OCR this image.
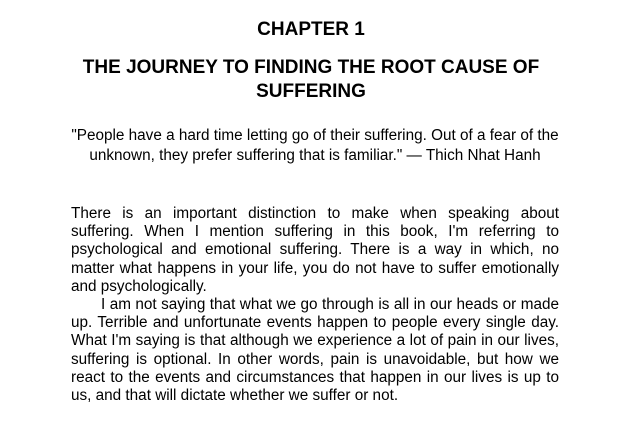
CHAPTER 1
THE JOURNEY TO FINDING THE ROOT CAUSE OF SUFFERING

"People have a hard time letting go of their suffering. Out of a fear of the unknown, they prefer suffering that is familiar." — Thich Nhat Hanh

There is an important distinction to make when speaking about suffering. When I mention suffering in this book, I'm referring to psychological and emotional suffering. There is a way in which, no matter what happens in your life, you do not have to suffer emotionally and psychologically.

I am not saying that what we go through is all in our heads or made up. Terrible and unfortunate events happen to people every single day. What I'm saying is that although we experience a lot of pain in our lives, suffering is optional. In other words, pain is unavoidable, but how we react to the events and circumstances that happen in our lives is up to us, and that will dictate whether we suffer or not.
